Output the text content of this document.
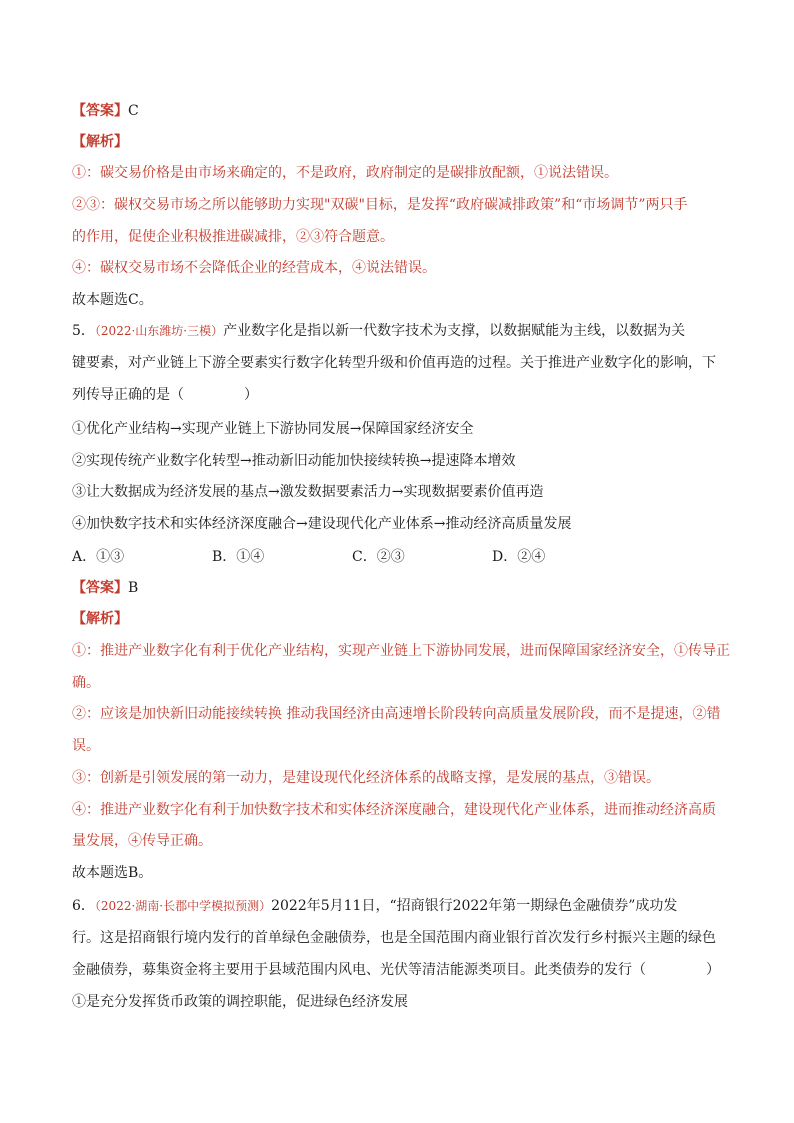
【答案】C
【解析】
①：碳交易价格是由市场来确定的，不是政府，政府制定的是碳排放配额，①说法错误。
②③：碳权交易市场之所以能够助力实现"双碳"目标，是发挥“政府碳减排政策”和“市场调节”两只手
的作用，促使企业积极推进碳减排，②③符合题意。
④：碳权交易市场不会降低企业的经营成本，④说法错误。
故本题选C。
5．（2022·山东潍坊·三模）产业数字化是指以新一代数字技术为支撑，以数据赋能为主线，以数据为关
键要素，对产业链上下游全要素实行数字化转型升级和价值再造的过程。关于推进产业数字化的影响，下
列传导正确的是（	）
①优化产业结构→实现产业链上下游协同发展→保障国家经济安全
②实现传统产业数字化转型→推动新旧动能加快接续转换→提速降本增效
③让大数据成为经济发展的基点→激发数据要素活力→实现数据要素价值再造
④加快数字技术和实体经济深度融合→建设现代化产业体系→推动经济高质量发展
A．①③	B．①④	C．②③	D．②④
【答案】B
【解析】
①：推进产业数字化有利于优化产业结构，实现产业链上下游协同发展，进而保障国家经济安全，①传导正
确。
②：应该是加快新旧动能接续转换 推动我国经济由高速增长阶段转向高质量发展阶段，而不是提速，②错
误。
③：创新是引领发展的第一动力，是建设现代化经济体系的战略支撑，是发展的基点，③错误。
④：推进产业数字化有利于加快数字技术和实体经济深度融合，建设现代化产业体系，进而推动经济高质
量发展，④传导正确。
故本题选B。
6．（2022·湖南·长郡中学模拟预测）2022年5月11日，“招商银行2022年第一期绿色金融债券”成功发
行。这是招商银行境内发行的首单绿色金融债券，也是全国范围内商业银行首次发行乡村振兴主题的绿色
金融债券，募集资金将主要用于县域范围内风电、光伏等清洁能源类项目。此类债券的发行（	）
①是充分发挥货币政策的调控职能，促进绿色经济发展
